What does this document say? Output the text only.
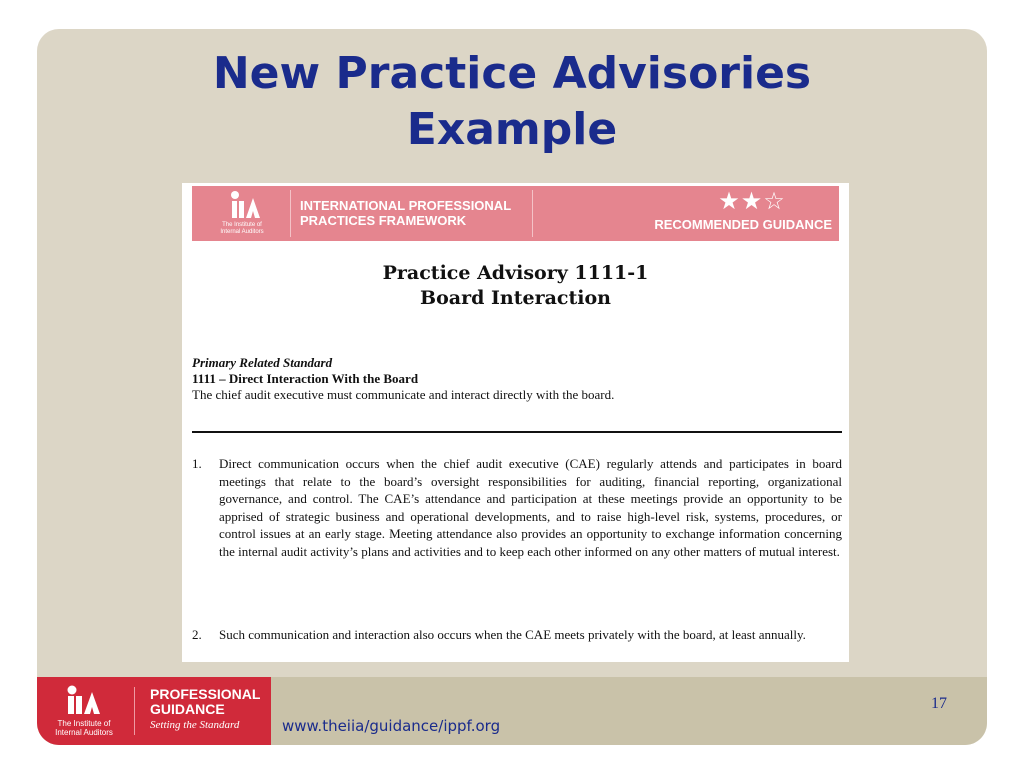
New Practice Advisories
Example
The Institute of
Internal Auditors
INTERNATIONAL PROFESSIONAL
PRACTICES FRAMEWORK
★★☆
RECOMMENDED GUIDANCE
Practice Advisory 1111-1
Board Interaction
Primary Related Standard
1111 – Direct Interaction With the Board
The chief audit executive must communicate and interact directly with the board.
1.	Direct communication occurs when the chief audit executive (CAE) regularly attends and participates in board meetings that relate to the board’s oversight responsibilities for auditing, financial reporting, organizational governance, and control. The CAE’s attendance and participation at these meetings provide an opportunity to be apprised of strategic business and operational developments, and to raise high-level risk, systems, procedures, or control issues at an early stage. Meeting attendance also provides an opportunity to exchange information concerning the internal audit activity’s plans and activities and to keep each other informed on any other matters of mutual interest.
2.	Such communication and interaction also occurs when the CAE meets privately with the board, at least annually.
The Institute of
Internal Auditors
PROFESSIONAL
GUIDANCE
Setting the Standard	www.theiia/guidance/ippf.org
17
